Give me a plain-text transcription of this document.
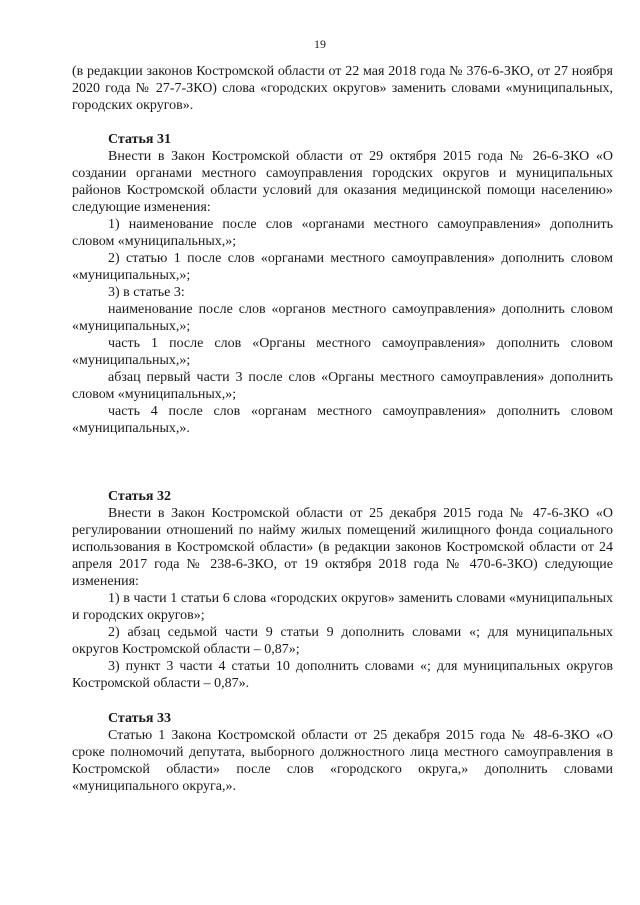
19

(в редакции законов Костромской области от 22 мая 2018 года № 376-6-ЗКО, от 27 ноября 2020 года № 27-7-ЗКО) слова «городских округов» заменить словами «муниципальных, городских округов».

Статья 31

Внести в Закон Костромской области от 29 октября 2015 года № 26-6-ЗКО «О создании органами местного самоуправления городских округов и муниципальных районов Костромской области условий для оказания медицинской помощи населению» следующие изменения:

1) наименование после слов «органами местного самоуправления» дополнить словом «муниципальных,»;

2) статью 1 после слов «органами местного самоуправления» дополнить словом «муниципальных,»;

3) в статье 3:

наименование после слов «органов местного самоуправления» дополнить словом «муниципальных,»;

часть 1 после слов «Органы местного самоуправления» дополнить словом «муниципальных,»;

абзац первый части 3 после слов «Органы местного самоуправления» дополнить словом «муниципальных,»;

часть 4 после слов «органам местного самоуправления» дополнить словом «муниципальных,».

Статья 32

Внести в Закон Костромской области от 25 декабря 2015 года № 47-6-ЗКО «О регулировании отношений по найму жилых помещений жилищного фонда социального использования в Костромской области» (в редакции законов Костромской области от 24 апреля 2017 года № 238-6-ЗКО, от 19 октября 2018 года № 470-6-ЗКО) следующие изменения:

1) в части 1 статьи 6 слова «городских округов» заменить словами «муниципальных и городских округов»;

2) абзац седьмой части 9 статьи 9 дополнить словами «; для муниципальных округов Костромской области – 0,87»;

3) пункт 3 части 4 статьи 10 дополнить словами «; для муниципальных округов Костромской области – 0,87».

Статья 33

Статью 1 Закона Костромской области от 25 декабря 2015 года № 48-6-ЗКО «О сроке полномочий депутата, выборного должностного лица местного самоуправления в Костромской области» после слов «городского округа,» дополнить словами «муниципального округа,».
